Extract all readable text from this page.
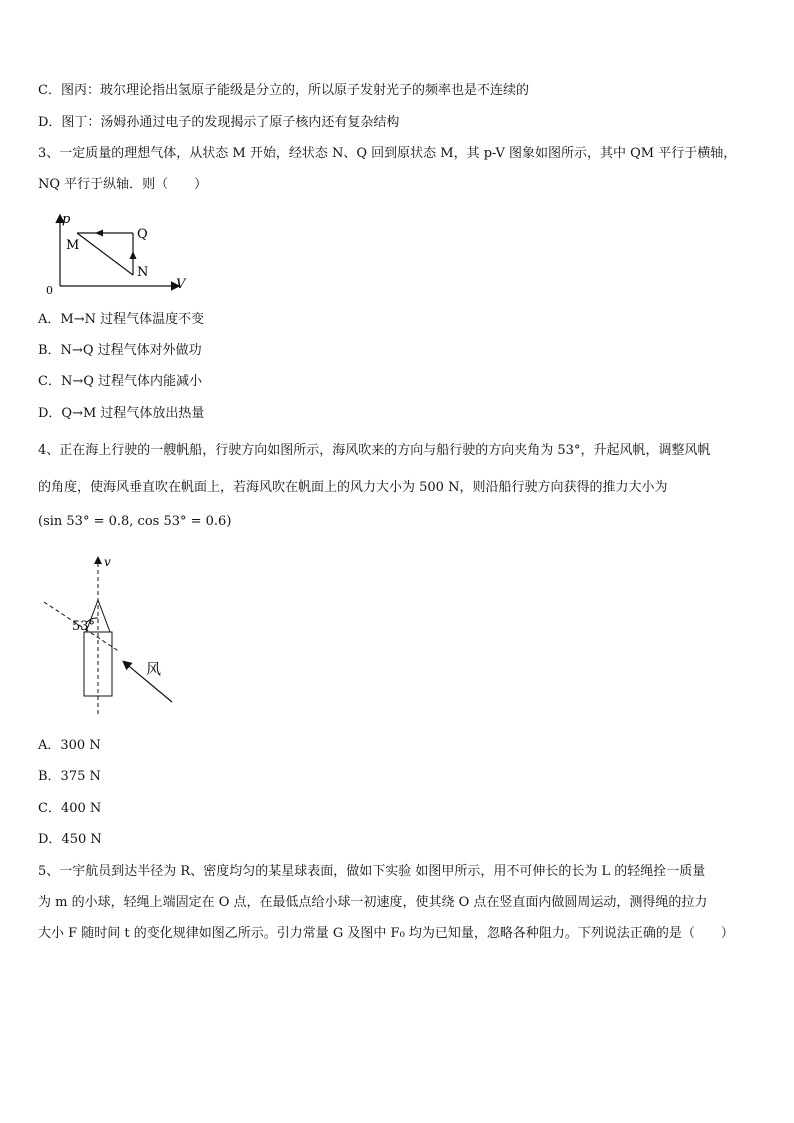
C．图丙：玻尔理论指出氢原子能级是分立的，所以原子发射光子的频率也是不连续的
D．图丁：汤姆孙通过电子的发现揭示了原子核内还有复杂结构
3、一定质量的理想气体，从状态 M 开始，经状态 N、Q 回到原状态 M，其 p-V 图象如图所示，其中 QM 平行于横轴，
NQ 平行于纵轴．则（　　）
p
V
0
M
N
Q
A．M→N 过程气体温度不变
B．N→Q 过程气体对外做功
C．N→Q 过程气体内能减小
D．Q→M 过程气体放出热量
4、正在海上行驶的一艘帆船，行驶方向如图所示，海风吹来的方向与船行驶的方向夹角为 53°，升起风帆，调整风帆
的角度，使海风垂直吹在帆面上，若海风吹在帆面上的风力大小为 500 N，则沿船行驶方向获得的推力大小为
(sin 53° = 0.8, cos 53° = 0.6)
v
53°
风
A．300 N
B．375 N
C．400 N
D．450 N
5、一宇航员到达半径为 R、密度均匀的某星球表面，做如下实验 如图甲所示，用不可伸长的长为 L 的轻绳拴一质量
为 m 的小球，轻绳上端固定在 O 点，在最低点给小球一初速度，使其绕 O 点在竖直面内做圆周运动，测得绳的拉力
大小 F 随时间 t 的变化规律如图乙所示。引力常量 G 及图中 F₀ 均为已知量，忽略各种阻力。下列说法正确的是（　　）
